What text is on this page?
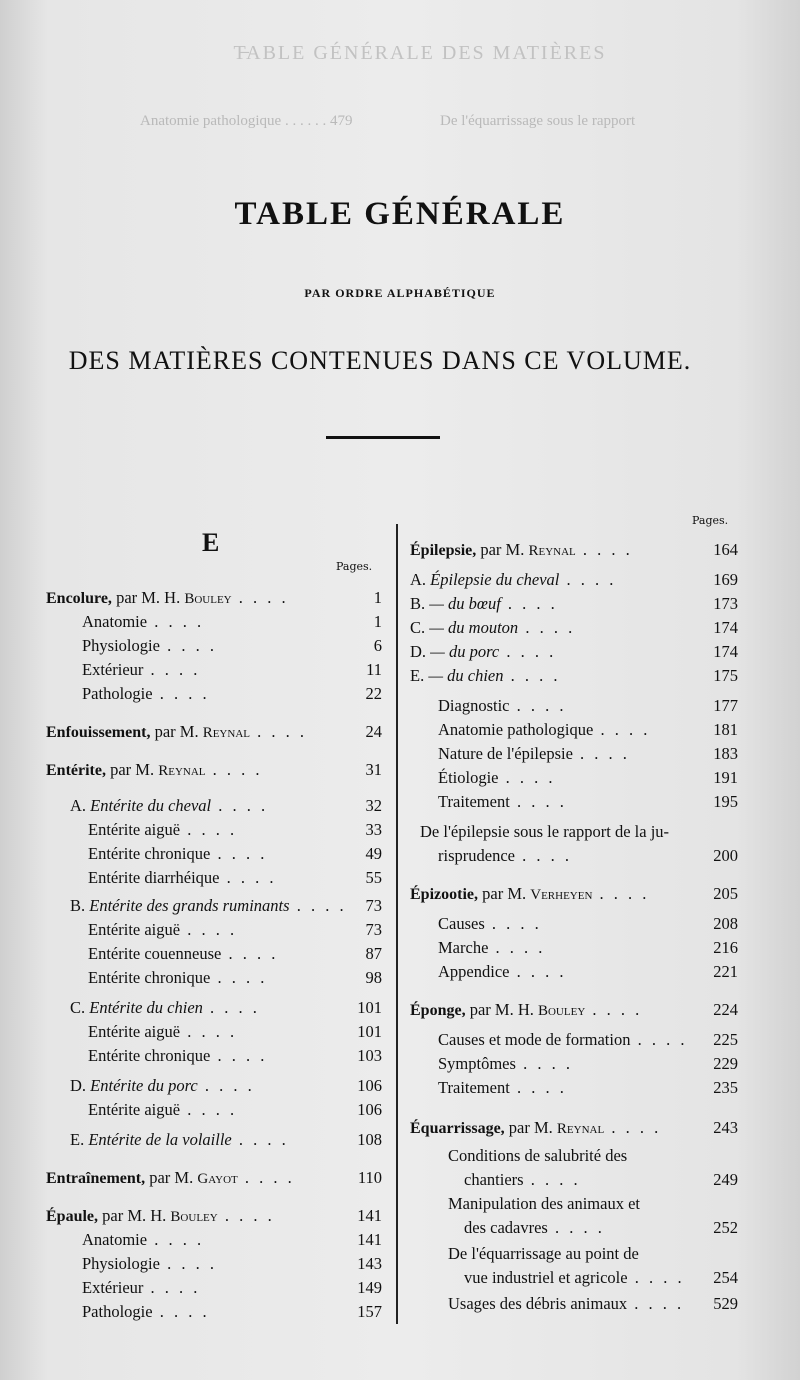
T̶ABLE GÉNÉRALE DES MATIÈRES
Anatomie pathologique . . . . . . 479	De l'équarrissage sous le rapport
TABLE GÉNÉRALE
PAR ORDRE ALPHABÉTIQUE
DES MATIÈRES CONTENUES DANS CE VOLUME.
E
Pages.
Pages.
Encolure, par M. H. Bouley . . . .	1
Anatomie . . . .	1
Physiologie . . . .	6
Extérieur . . . .	11
Pathologie . . . .	22
Enfouissement, par M. Reynal . . . .	24
Entérite, par M. Reynal . . . .	31
A. Entérite du cheval . . . .	32
Entérite aiguë . . . .	33
Entérite chronique . . . .	49
Entérite diarrhéique . . . .	55
B. Entérite des grands ruminants . . . .	73
Entérite aiguë . . . .	73
Entérite couenneuse . . . .	87
Entérite chronique . . . .	98
C. Entérite du chien . . . .	101
Entérite aiguë . . . .	101
Entérite chronique . . . .	103
D. Entérite du porc . . . .	106
Entérite aiguë . . . .	106
E. Entérite de la volaille . . . .	108
Entraînement, par M. Gayot . . . .	110
Épaule, par M. H. Bouley . . . .	141
Anatomie . . . .	141
Physiologie . . . .	143
Extérieur . . . .	149
Pathologie . . . .	157
Épilepsie, par M. Reynal . . . .	164
A. Épilepsie du cheval . . . .	169
B. — du bœuf . . . .	173
C. — du mouton . . . .	174
D. — du porc . . . .	174
E. — du chien . . . .	175
Diagnostic . . . .	177
Anatomie pathologique . . . .	181
Nature de l'épilepsie . . . .	183
Étiologie . . . .	191
Traitement . . . .	195
De l'épilepsie sous le rapport de la ju-
risprudence . . . .	200
Épizootie, par M. Verheyen . . . .	205
Causes . . . .	208
Marche . . . .	216
Appendice . . . .	221
Éponge, par M. H. Bouley . . . .	224
Causes et mode de formation . . . .	225
Symptômes . . . .	229
Traitement . . . .	235
Équarrissage, par M. Reynal . . . .	243
Conditions de salubrité des
chantiers . . . .	249
Manipulation des animaux et
des cadavres . . . .	252
De l'équarrissage au point de
vue industriel et agricole . . . .	254
Usages des débris animaux . . . .	529
